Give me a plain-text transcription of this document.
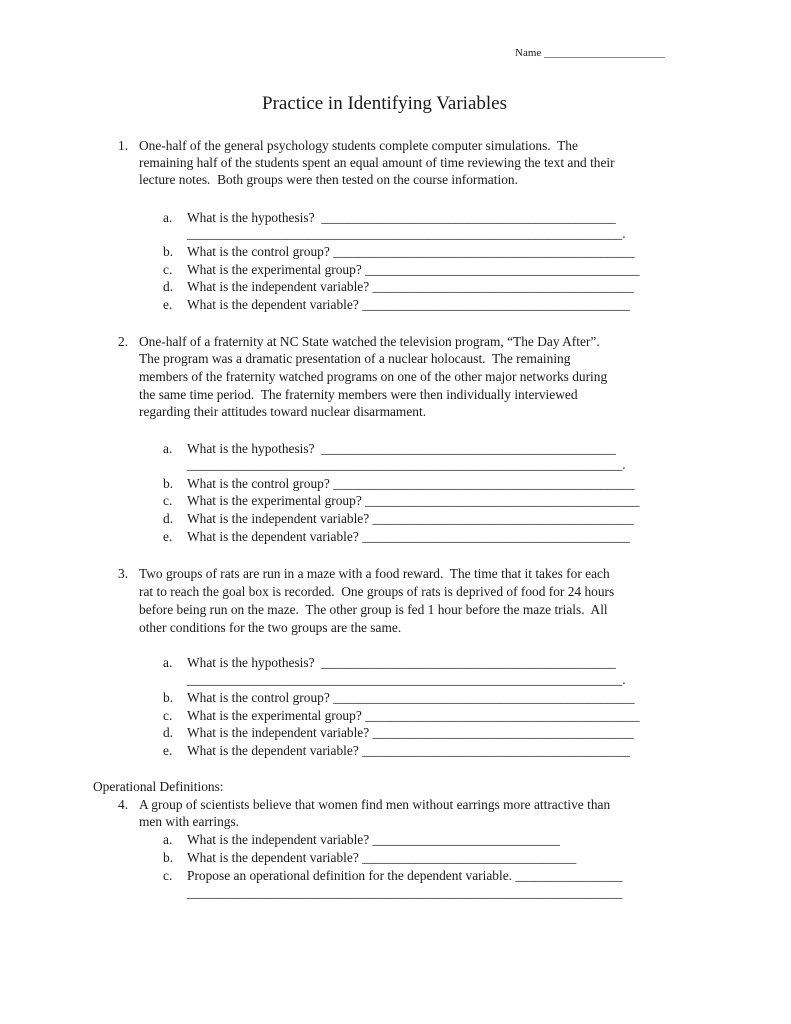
Name ______________________
Practice in Identifying Variables
1. One-half of the general psychology students complete computer simulations.  The
remaining half of the students spent an equal amount of time reviewing the text and their
lecture notes.  Both groups were then tested on the course information.
a. What is the hypothesis?  ____________________________________________
_________________________________________________________________.
b. What is the control group? _____________________________________________
c. What is the experimental group? _________________________________________
d. What is the independent variable? _______________________________________
e. What is the dependent variable? ________________________________________
2. One-half of a fraternity at NC State watched the television program, “The Day After”.
The program was a dramatic presentation of a nuclear holocaust.  The remaining
members of the fraternity watched programs on one of the other major networks during
the same time period.  The fraternity members were then individually interviewed
regarding their attitudes toward nuclear disarmament.
a. What is the hypothesis?  ____________________________________________
_________________________________________________________________.
b. What is the control group? _____________________________________________
c. What is the experimental group? _________________________________________
d. What is the independent variable? _______________________________________
e. What is the dependent variable? ________________________________________
3. Two groups of rats are run in a maze with a food reward.  The time that it takes for each
rat to reach the goal box is recorded.  One groups of rats is deprived of food for 24 hours
before being run on the maze.  The other group is fed 1 hour before the maze trials.  All
other conditions for the two groups are the same.
a. What is the hypothesis?  ____________________________________________
_________________________________________________________________.
b. What is the control group? _____________________________________________
c. What is the experimental group? _________________________________________
d. What is the independent variable? _______________________________________
e. What is the dependent variable? ________________________________________
Operational Definitions:
4. A group of scientists believe that women find men without earrings more attractive than
men with earrings.
a. What is the independent variable? ____________________________
b. What is the dependent variable? ________________________________
c. Propose an operational definition for the dependent variable. ________________
_________________________________________________________________
